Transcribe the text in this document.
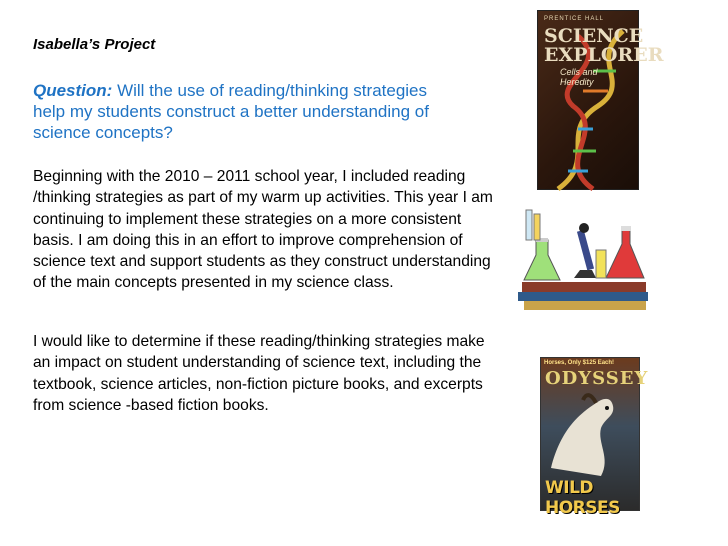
Isabella’s Project
Question: Will the use of reading/thinking strategies help my students construct a better understanding of science concepts?
Beginning with the 2010 – 2011 school year, I included reading /thinking strategies as part of my warm up activities. This year I am continuing to implement these strategies on a more consistent basis. I am doing this in an effort to improve comprehension of science text and support students as they construct understanding of the main concepts presented in my science class.
I would like to determine if these reading/thinking strategies make an impact on student understanding of science text, including the textbook, science articles, non-fiction picture books, and excerpts from science -based fiction books.
PRENTICE HALL
SCIENCE EXPLORER
Cells and Heredity
Horses, Only $125 Each!
ODYSSEY
WILD HORSES
